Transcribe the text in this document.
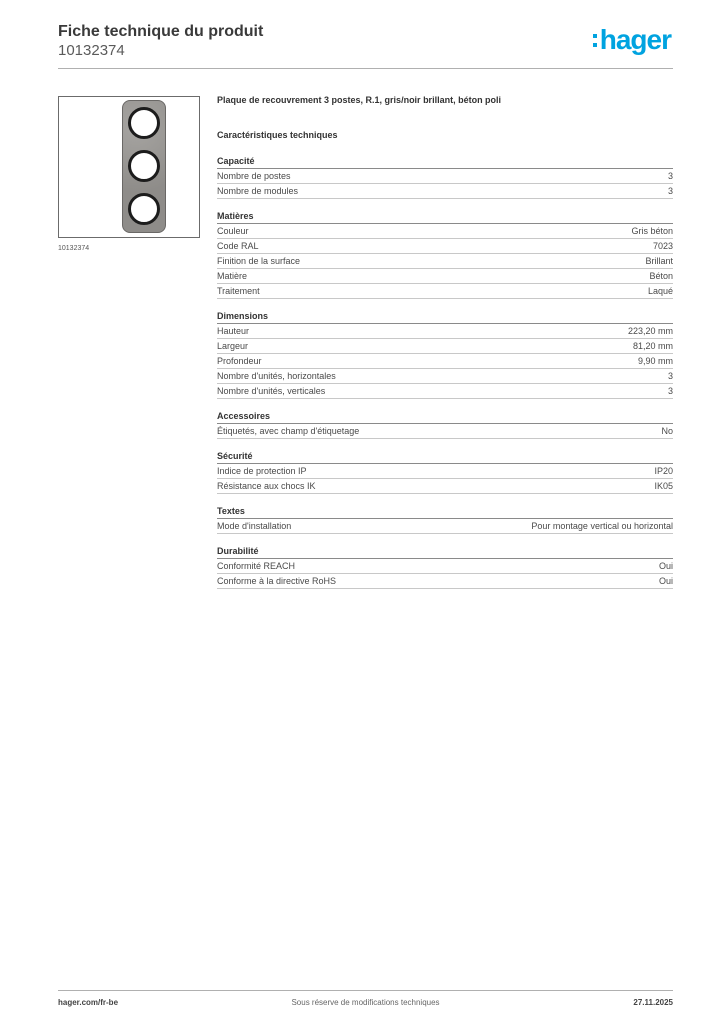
Fiche technique du produit
10132374	hager
10132374
Plaque de recouvrement 3 postes, R.1, gris/noir brillant, béton poli
Caractéristiques techniques
Capacité
Nombre de postes	3
Nombre de modules	3
Matières
Couleur	Gris béton
Code RAL	7023
Finition de la surface	Brillant
Matière	Béton
Traitement	Laqué
Dimensions
Hauteur	223,20 mm
Largeur	81,20 mm
Profondeur	9,90 mm
Nombre d'unités, horizontales	3
Nombre d'unités, verticales	3
Accessoires
Étiquetés, avec champ d'étiquetage	No
Sécurité
Indice de protection IP	IP20
Résistance aux chocs IK	IK05
Textes
Mode d'installation	Pour montage vertical ou horizontal
Durabilité
Conformité REACH	Oui
Conforme à la directive RoHS	Oui
hager.com/fr-be	Sous réserve de modifications techniques	27.11.2025
